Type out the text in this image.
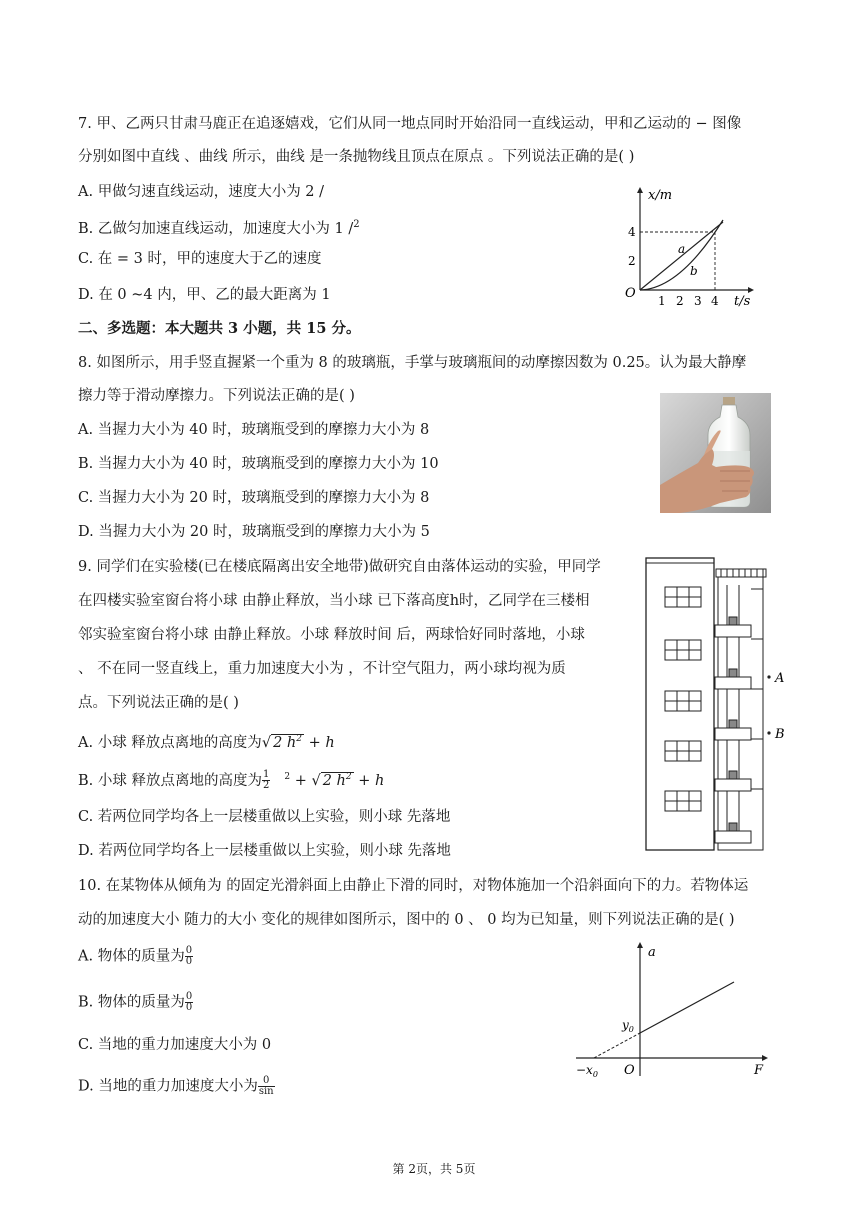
7. 甲、乙两只甘肃马鹿正在追逐嬉戏，它们从同一地点同时开始沿同一直线运动，甲和乙运动的 − 图像
分别如图中直线 、曲线 所示，曲线 是一条抛物线且顶点在原点 。下列说法正确的是( )
A. 甲做匀速直线运动，速度大小为 2 /
B. 乙做匀加速直线运动，加速度大小为 1 /$^2$
C. 在 = 3 时，甲的速度大于乙的速度
D. 在 0 ~4 内，甲、乙的最大距离为 1
x/m
t/s
O
2
4
1 2 3 4
a
b
二、多选题：本大题共 3 小题，共 15 分。
8. 如图所示，用手竖直握紧一个重为 8 的玻璃瓶，手掌与玻璃瓶间的动摩擦因数为 0.25。认为最大静摩
擦力等于滑动摩擦力。下列说法正确的是( )
A. 当握力大小为 40 时，玻璃瓶受到的摩擦力大小为 8
B. 当握力大小为 40 时，玻璃瓶受到的摩擦力大小为 10
C. 当握力大小为 20 时，玻璃瓶受到的摩擦力大小为 8
D. 当握力大小为 20 时，玻璃瓶受到的摩擦力大小为 5
9. 同学们在实验楼(已在楼底隔离出安全地带)做研究自由落体运动的实验，甲同学
在四楼实验室窗台将小球 由静止释放，当小球 已下落高度h时，乙同学在三楼相
邻实验室窗台将小球 由静止释放。小球 释放时间 后，两球恰好同时落地，小球
、 不在同一竖直线上，重力加速度大小为 ，不计空气阻力，两小球均视为质
点。下列说法正确的是( )
A. 小球 释放点离地的高度为√ 2 $h^2 + h$
B. 小球 释放点离地的高度为 $\frac{1}{2} ^2$ + √ 2 $h^2 + h$
C. 若两位同学均各上一层楼重做以上实验，则小球 先落地
D. 若两位同学均各上一层楼重做以上实验，则小球 先落地
A
B
10. 在某物体从倾角为 的固定光滑斜面上由静止下滑的同时，对物体施加一个沿斜面向下的力。若物体运
动的加速度大小 随力的大小 变化的规律如图所示，图中的 0 、 0 均为已知量，则下列说法正确的是( )
A. 物体的质量为 $\frac{0}{0}$
B. 物体的质量为 $\frac{0}{0}$
C. 当地的重力加速度大小为 0
D. 当地的重力加速度大小为 $\frac{0}{\sin}$
a
F
O
$y_0$
$-x_0$
第 2页，共 5页
